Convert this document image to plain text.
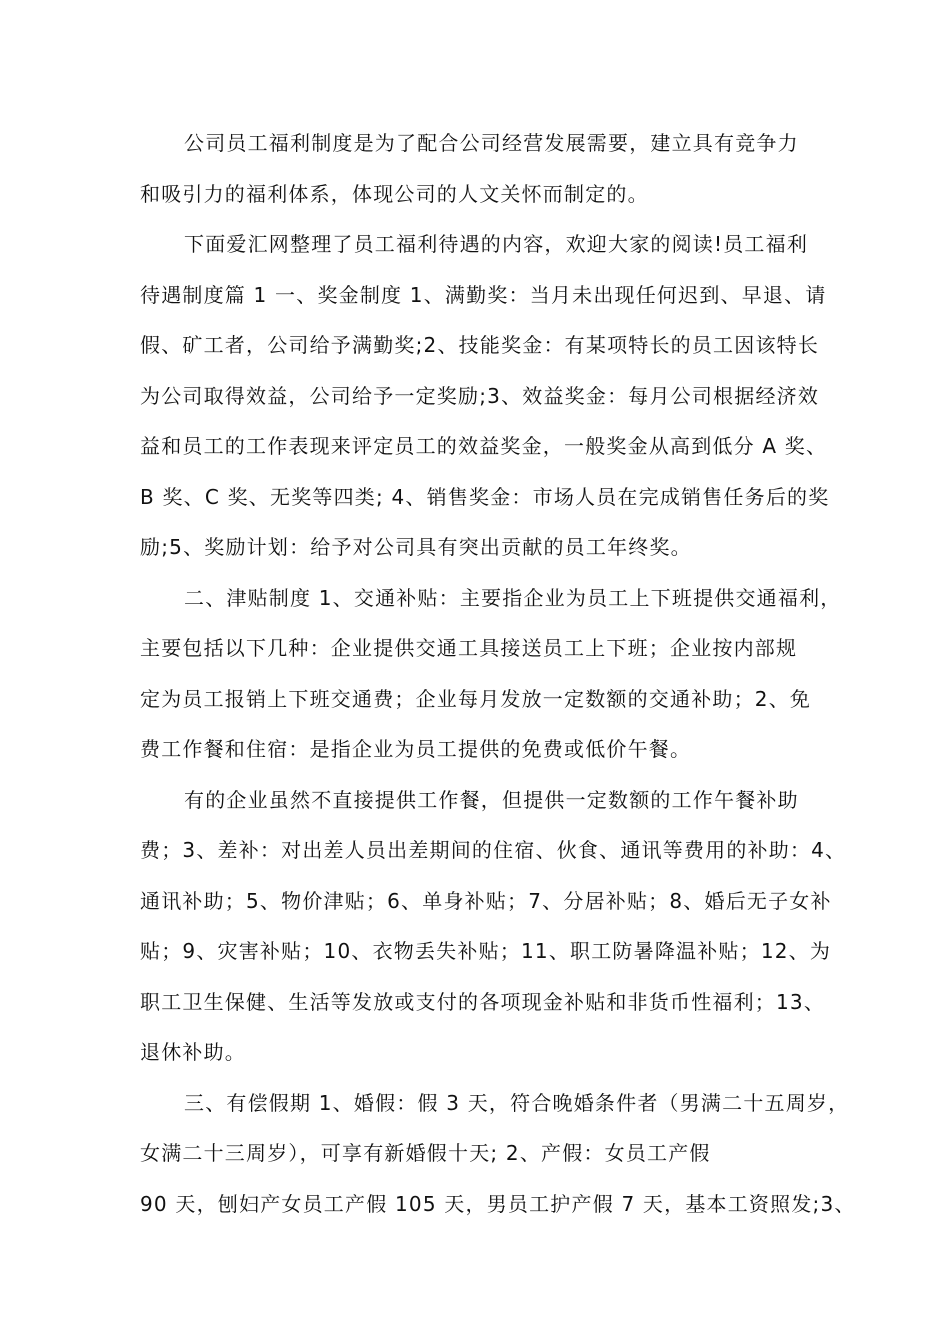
公司员工福利制度是为了配合公司经营发展需要，建立具有竞争力
和吸引力的福利体系，体现公司的人文关怀而制定的。
下面爱汇网整理了员工福利待遇的内容，欢迎大家的阅读!员工福利
待遇制度篇 1 一、奖金制度 1、满勤奖：当月未出现任何迟到、早退、请
假、矿工者，公司给予满勤奖;2、技能奖金：有某项特长的员工因该特长
为公司取得效益，公司给予一定奖励;3、效益奖金：每月公司根据经济效
益和员工的工作表现来评定员工的效益奖金，一般奖金从高到低分 A 奖、
B 奖、C 奖、无奖等四类; 4、销售奖金：市场人员在完成销售任务后的奖
励;5、奖励计划：给予对公司具有突出贡献的员工年终奖。
二、津贴制度 1、交通补贴：主要指企业为员工上下班提供交通福利，
主要包括以下几种：企业提供交通工具接送员工上下班；企业按内部规
定为员工报销上下班交通费；企业每月发放一定数额的交通补助；2、免
费工作餐和住宿：是指企业为员工提供的免费或低价午餐。
有的企业虽然不直接提供工作餐，但提供一定数额的工作午餐补助
费；3、差补：对出差人员出差期间的住宿、伙食、通讯等费用的补助：4、
通讯补助；5、物价津贴；6、单身补贴；7、分居补贴；8、婚后无子女补
贴；9、灾害补贴；10、衣物丢失补贴；11、职工防暑降温补贴；12、为
职工卫生保健、生活等发放或支付的各项现金补贴和非货币性福利；13、
退休补助。
三、有偿假期 1、婚假：假 3 天，符合晚婚条件者（男满二十五周岁，
女满二十三周岁），可享有新婚假十天; 2、产假：女员工产假
90 天，刨妇产女员工产假 105 天，男员工护产假 7 天，基本工资照发;3、
